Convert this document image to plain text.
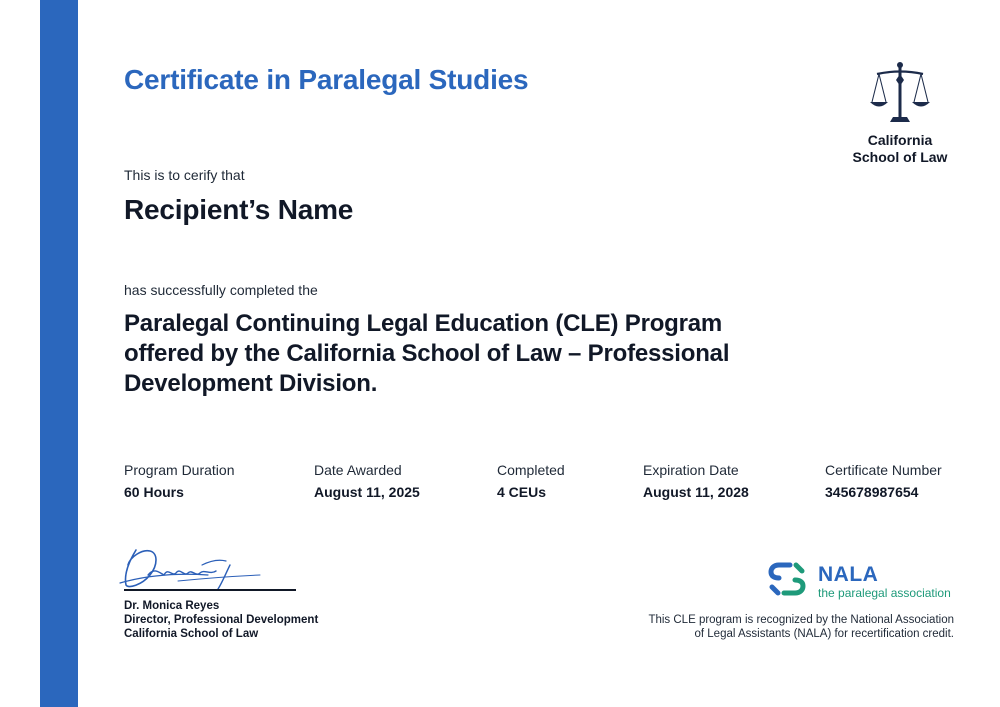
Certificate in Paralegal Studies
California
School of Law
This is to cerify that
Recipient’s Name
has successfully completed the
Paralegal Continuing Legal Education (CLE) Program offered by the California School of Law – Professional Development Division.
Program Duration
60 Hours
Date Awarded
August 11, 2025
Completed
4 CEUs
Expiration Date
August 11, 2028
Certificate Number
345678987654
Dr. Monica Reyes
Director, Professional Development
California School of Law
NALA
the paralegal association
This CLE program is recognized by the National Association
of Legal Assistants (NALA) for recertification credit.
